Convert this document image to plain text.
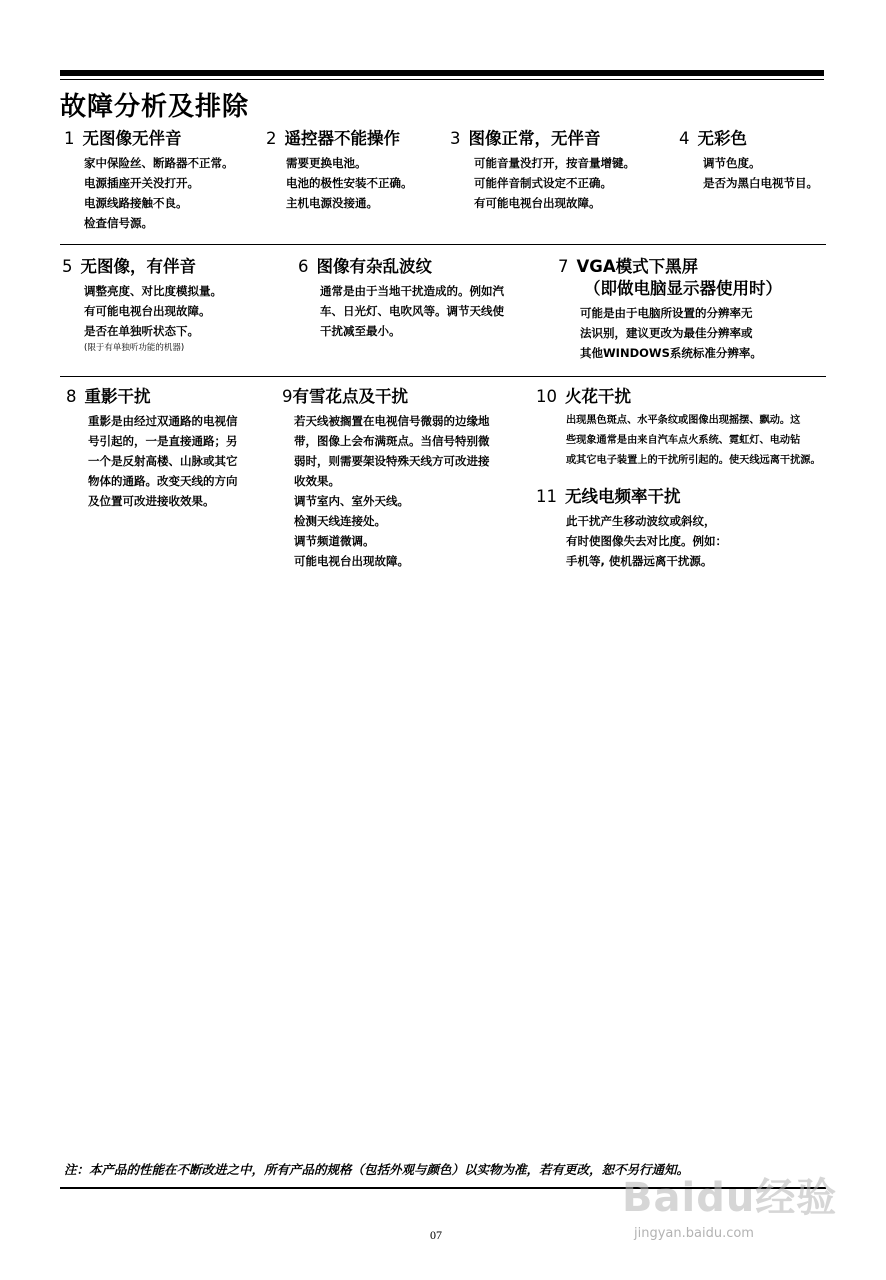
故障分析及排除
1 无图像无伴音
家中保险丝、断路器不正常。
电源插座开关没打开。
电源线路接触不良。
检查信号源。
2 遥控器不能操作
需要更换电池。
电池的极性安装不正确。
主机电源没接通。
3 图像正常，无伴音
可能音量没打开，按音量增键。
可能伴音制式设定不正确。
有可能电视台出现故障。
4 无彩色
调节色度。
是否为黑白电视节目。
5 无图像，有伴音
调整亮度、对比度模拟量。
有可能电视台出现故障。
是否在单独听状态下。
(限于有单独听功能的机器)
6 图像有杂乱波纹
通常是由于当地干扰造成的。例如汽
车、日光灯、电吹风等。调节天线使
干扰减至最小。
7 VGA模式下黑屏
（即做电脑显示器使用时）
可能是由于电脑所设置的分辨率无
法识别，建议更改为最佳分辨率或
其他WINDOWS系统标准分辨率。
8 重影干扰
重影是由经过双通路的电视信
号引起的，一是直接通路；另
一个是反射高楼、山脉或其它
物体的通路。改变天线的方向
及位置可改进接收效果。
9有雪花点及干扰
若天线被搁置在电视信号微弱的边缘地
带，图像上会布满斑点。当信号特别微
弱时，则需要架设特殊天线方可改进接
收效果。
调节室内、室外天线。
检测天线连接处。
调节频道微调。
可能电视台出现故障。
10 火花干扰
出现黑色斑点、水平条纹或图像出现摇摆、飘动。这
些现象通常是由来自汽车点火系统、霓虹灯、电动钻
或其它电子装置上的干扰所引起的。使天线远离干扰源。
11 无线电频率干扰
此干扰产生移动波纹或斜纹，
有时使图像失去对比度。例如：
手机等, 使机器远离干扰源。
注：本产品的性能在不断改进之中，所有产品的规格（包括外观与颜色）以实物为准，若有更改，恕不另行通知。
07
Baidu经验
jingyan.baidu.com
